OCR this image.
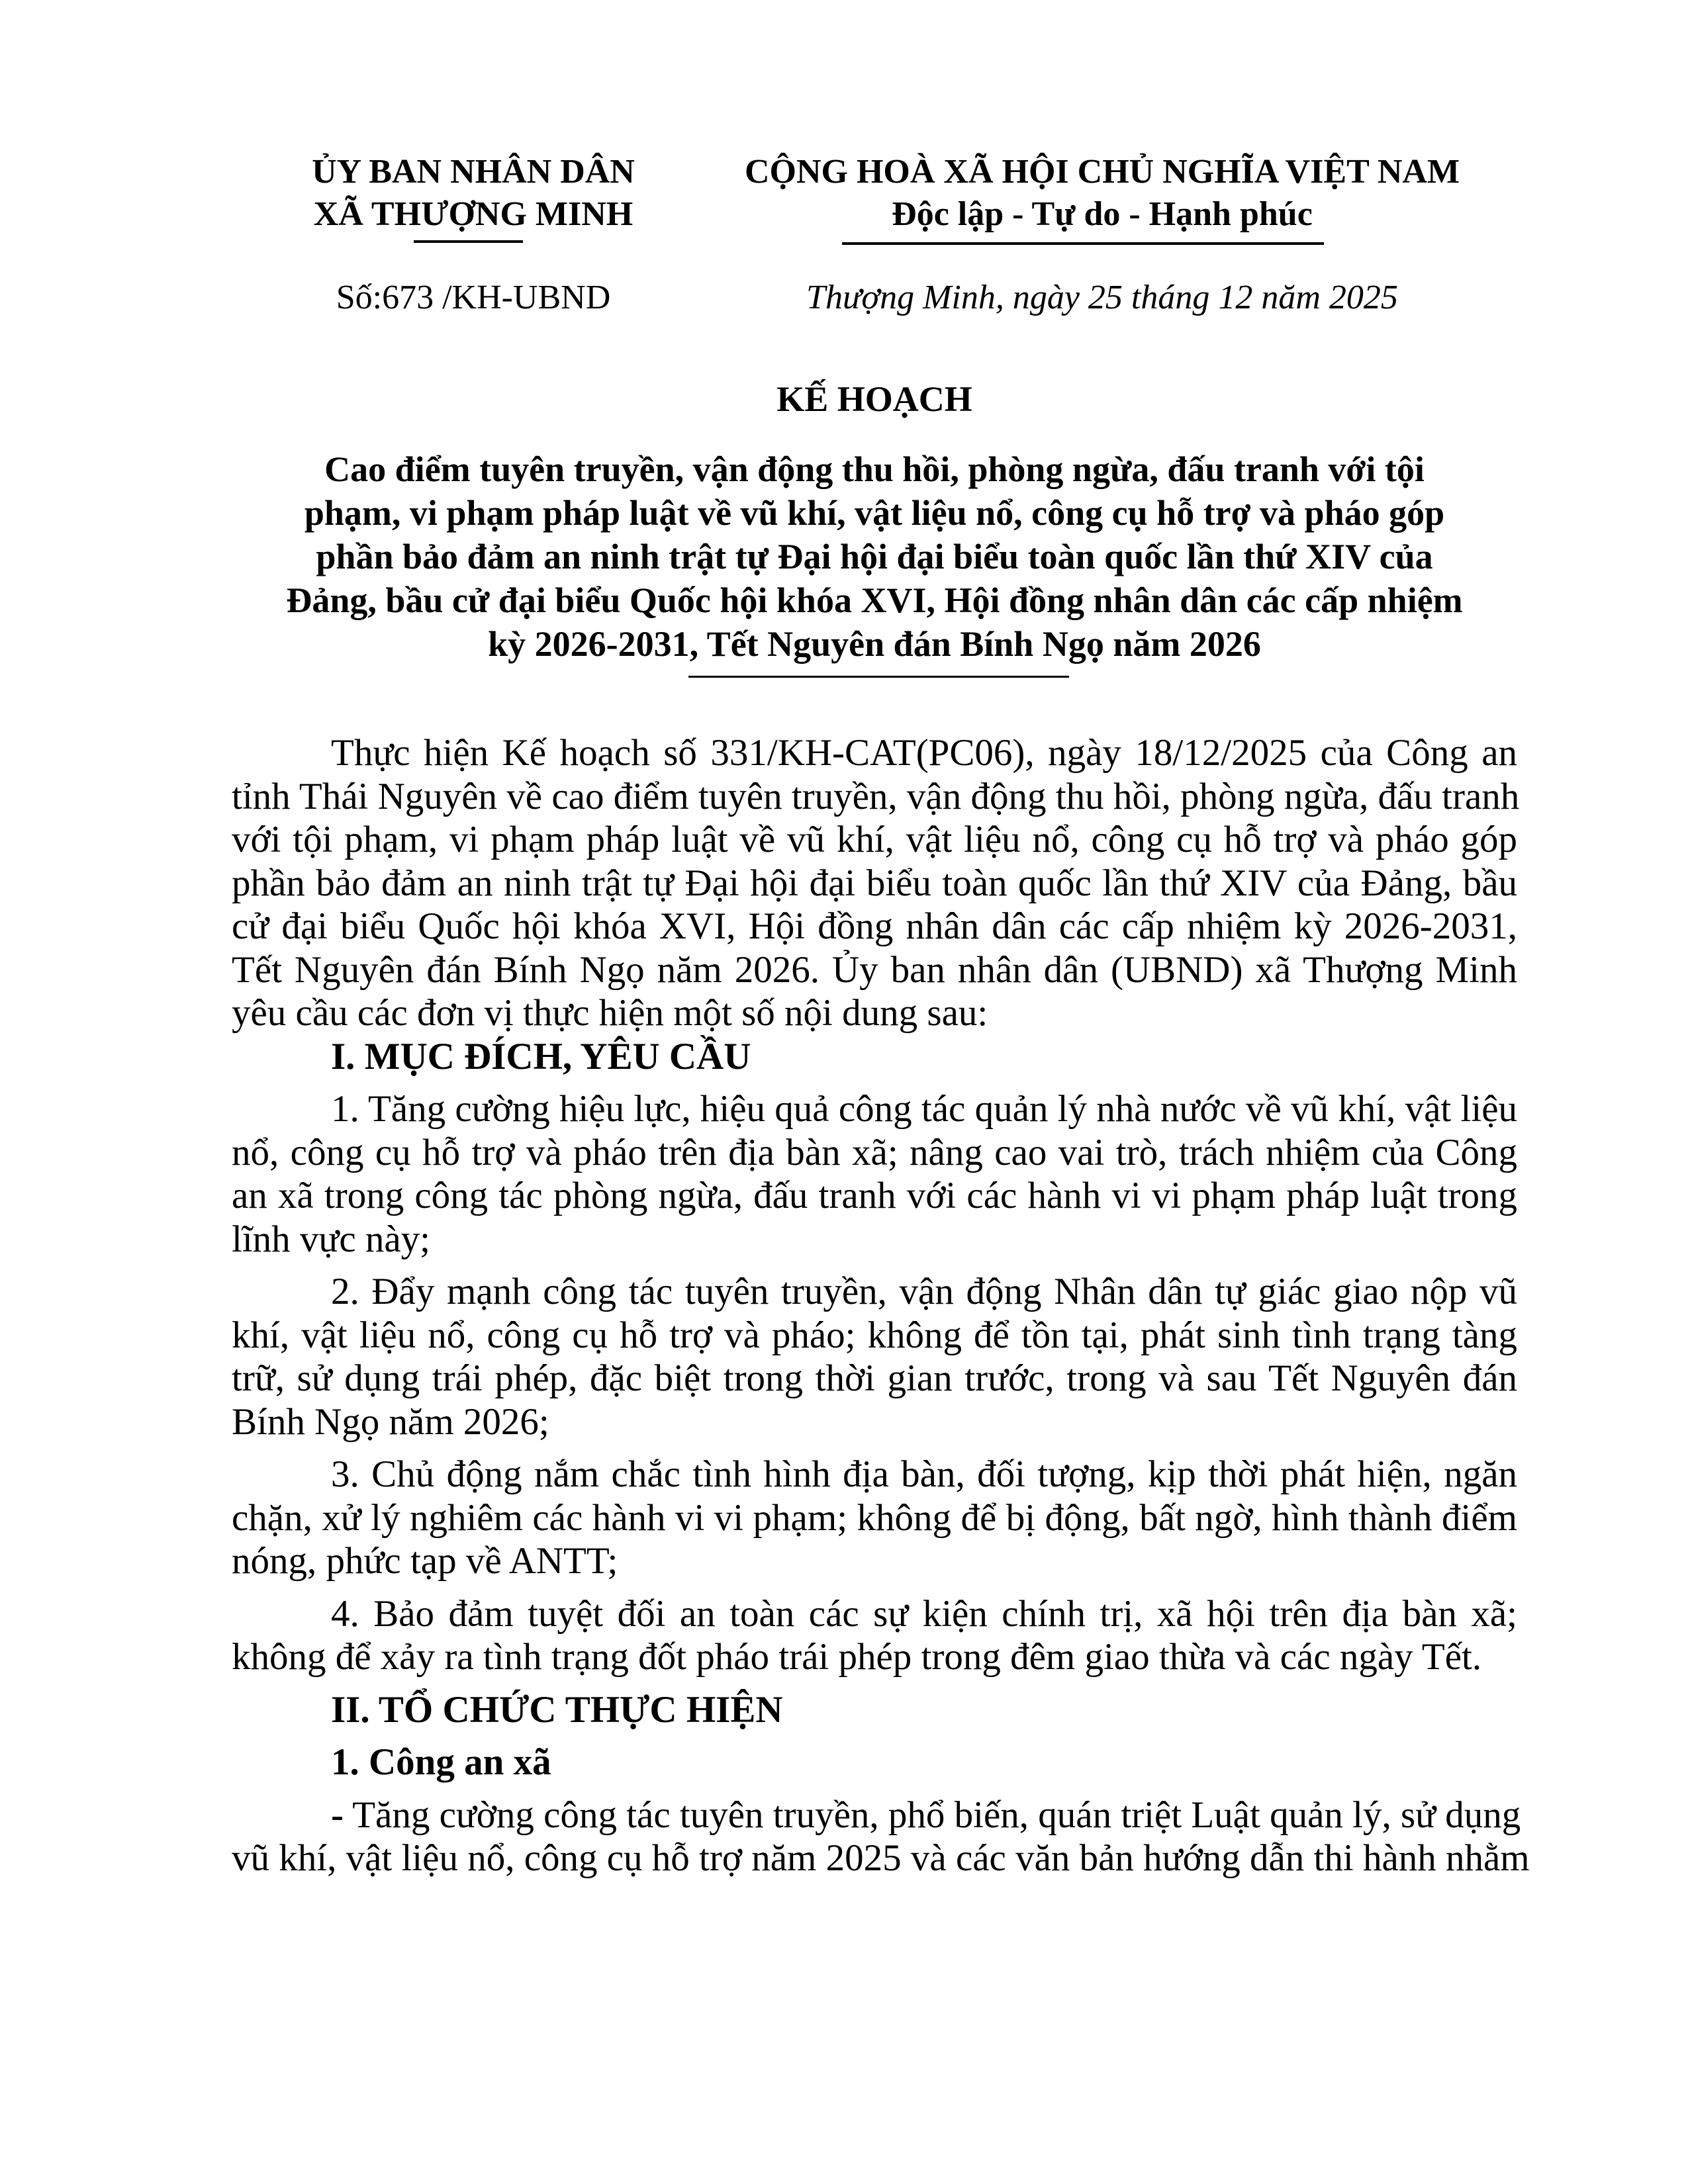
ỦY BAN NHÂN DÂN
XÃ THƯỢNG MINH
CỘNG HOÀ XÃ HỘI CHỦ NGHĨA VIỆT NAM
Độc lập - Tự do - Hạnh phúc
Số:673 /KH-UBND	Thượng Minh, ngày 25 tháng 12 năm 2025
KẾ HOẠCH
Cao điểm tuyên truyền, vận động thu hồi, phòng ngừa, đấu tranh với tội
phạm, vi phạm pháp luật về vũ khí, vật liệu nổ, công cụ hỗ trợ và pháo góp
phần bảo đảm an ninh trật tự Đại hội đại biểu toàn quốc lần thứ XIV của
Đảng, bầu cử đại biểu Quốc hội khóa XVI, Hội đồng nhân dân các cấp nhiệm
kỳ 2026-2031, Tết Nguyên đán Bính Ngọ năm 2026

Thực hiện Kế hoạch số 331/KH-CAT(PC06), ngày 18/12/2025 của Công an
tỉnh Thái Nguyên về cao điểm tuyên truyền, vận động thu hồi, phòng ngừa, đấu tranh
với tội phạm, vi phạm pháp luật về vũ khí, vật liệu nổ, công cụ hỗ trợ và pháo góp
phần bảo đảm an ninh trật tự Đại hội đại biểu toàn quốc lần thứ XIV của Đảng, bầu
cử đại biểu Quốc hội khóa XVI, Hội đồng nhân dân các cấp nhiệm kỳ 2026-2031,
Tết Nguyên đán Bính Ngọ năm 2026. Ủy ban nhân dân (UBND) xã Thượng Minh
yêu cầu các đơn vị thực hiện một số nội dung sau:

I. MỤC ĐÍCH, YÊU CẦU

1. Tăng cường hiệu lực, hiệu quả công tác quản lý nhà nước về vũ khí, vật liệu
nổ, công cụ hỗ trợ và pháo trên địa bàn xã; nâng cao vai trò, trách nhiệm của Công
an xã trong công tác phòng ngừa, đấu tranh với các hành vi vi phạm pháp luật trong
lĩnh vực này;

2. Đẩy mạnh công tác tuyên truyền, vận động Nhân dân tự giác giao nộp vũ
khí, vật liệu nổ, công cụ hỗ trợ và pháo; không để tồn tại, phát sinh tình trạng tàng
trữ, sử dụng trái phép, đặc biệt trong thời gian trước, trong và sau Tết Nguyên đán
Bính Ngọ năm 2026;

3. Chủ động nắm chắc tình hình địa bàn, đối tượng, kịp thời phát hiện, ngăn
chặn, xử lý nghiêm các hành vi vi phạm; không để bị động, bất ngờ, hình thành điểm
nóng, phức tạp về ANTT;

4. Bảo đảm tuyệt đối an toàn các sự kiện chính trị, xã hội trên địa bàn xã;
không để xảy ra tình trạng đốt pháo trái phép trong đêm giao thừa và các ngày Tết.

II. TỔ CHỨC THỰC HIỆN

1. Công an xã

- Tăng cường công tác tuyên truyền, phổ biến, quán triệt Luật quản lý, sử dụng
vũ khí, vật liệu nổ, công cụ hỗ trợ năm 2025 và các văn bản hướng dẫn thi hành nhằm
